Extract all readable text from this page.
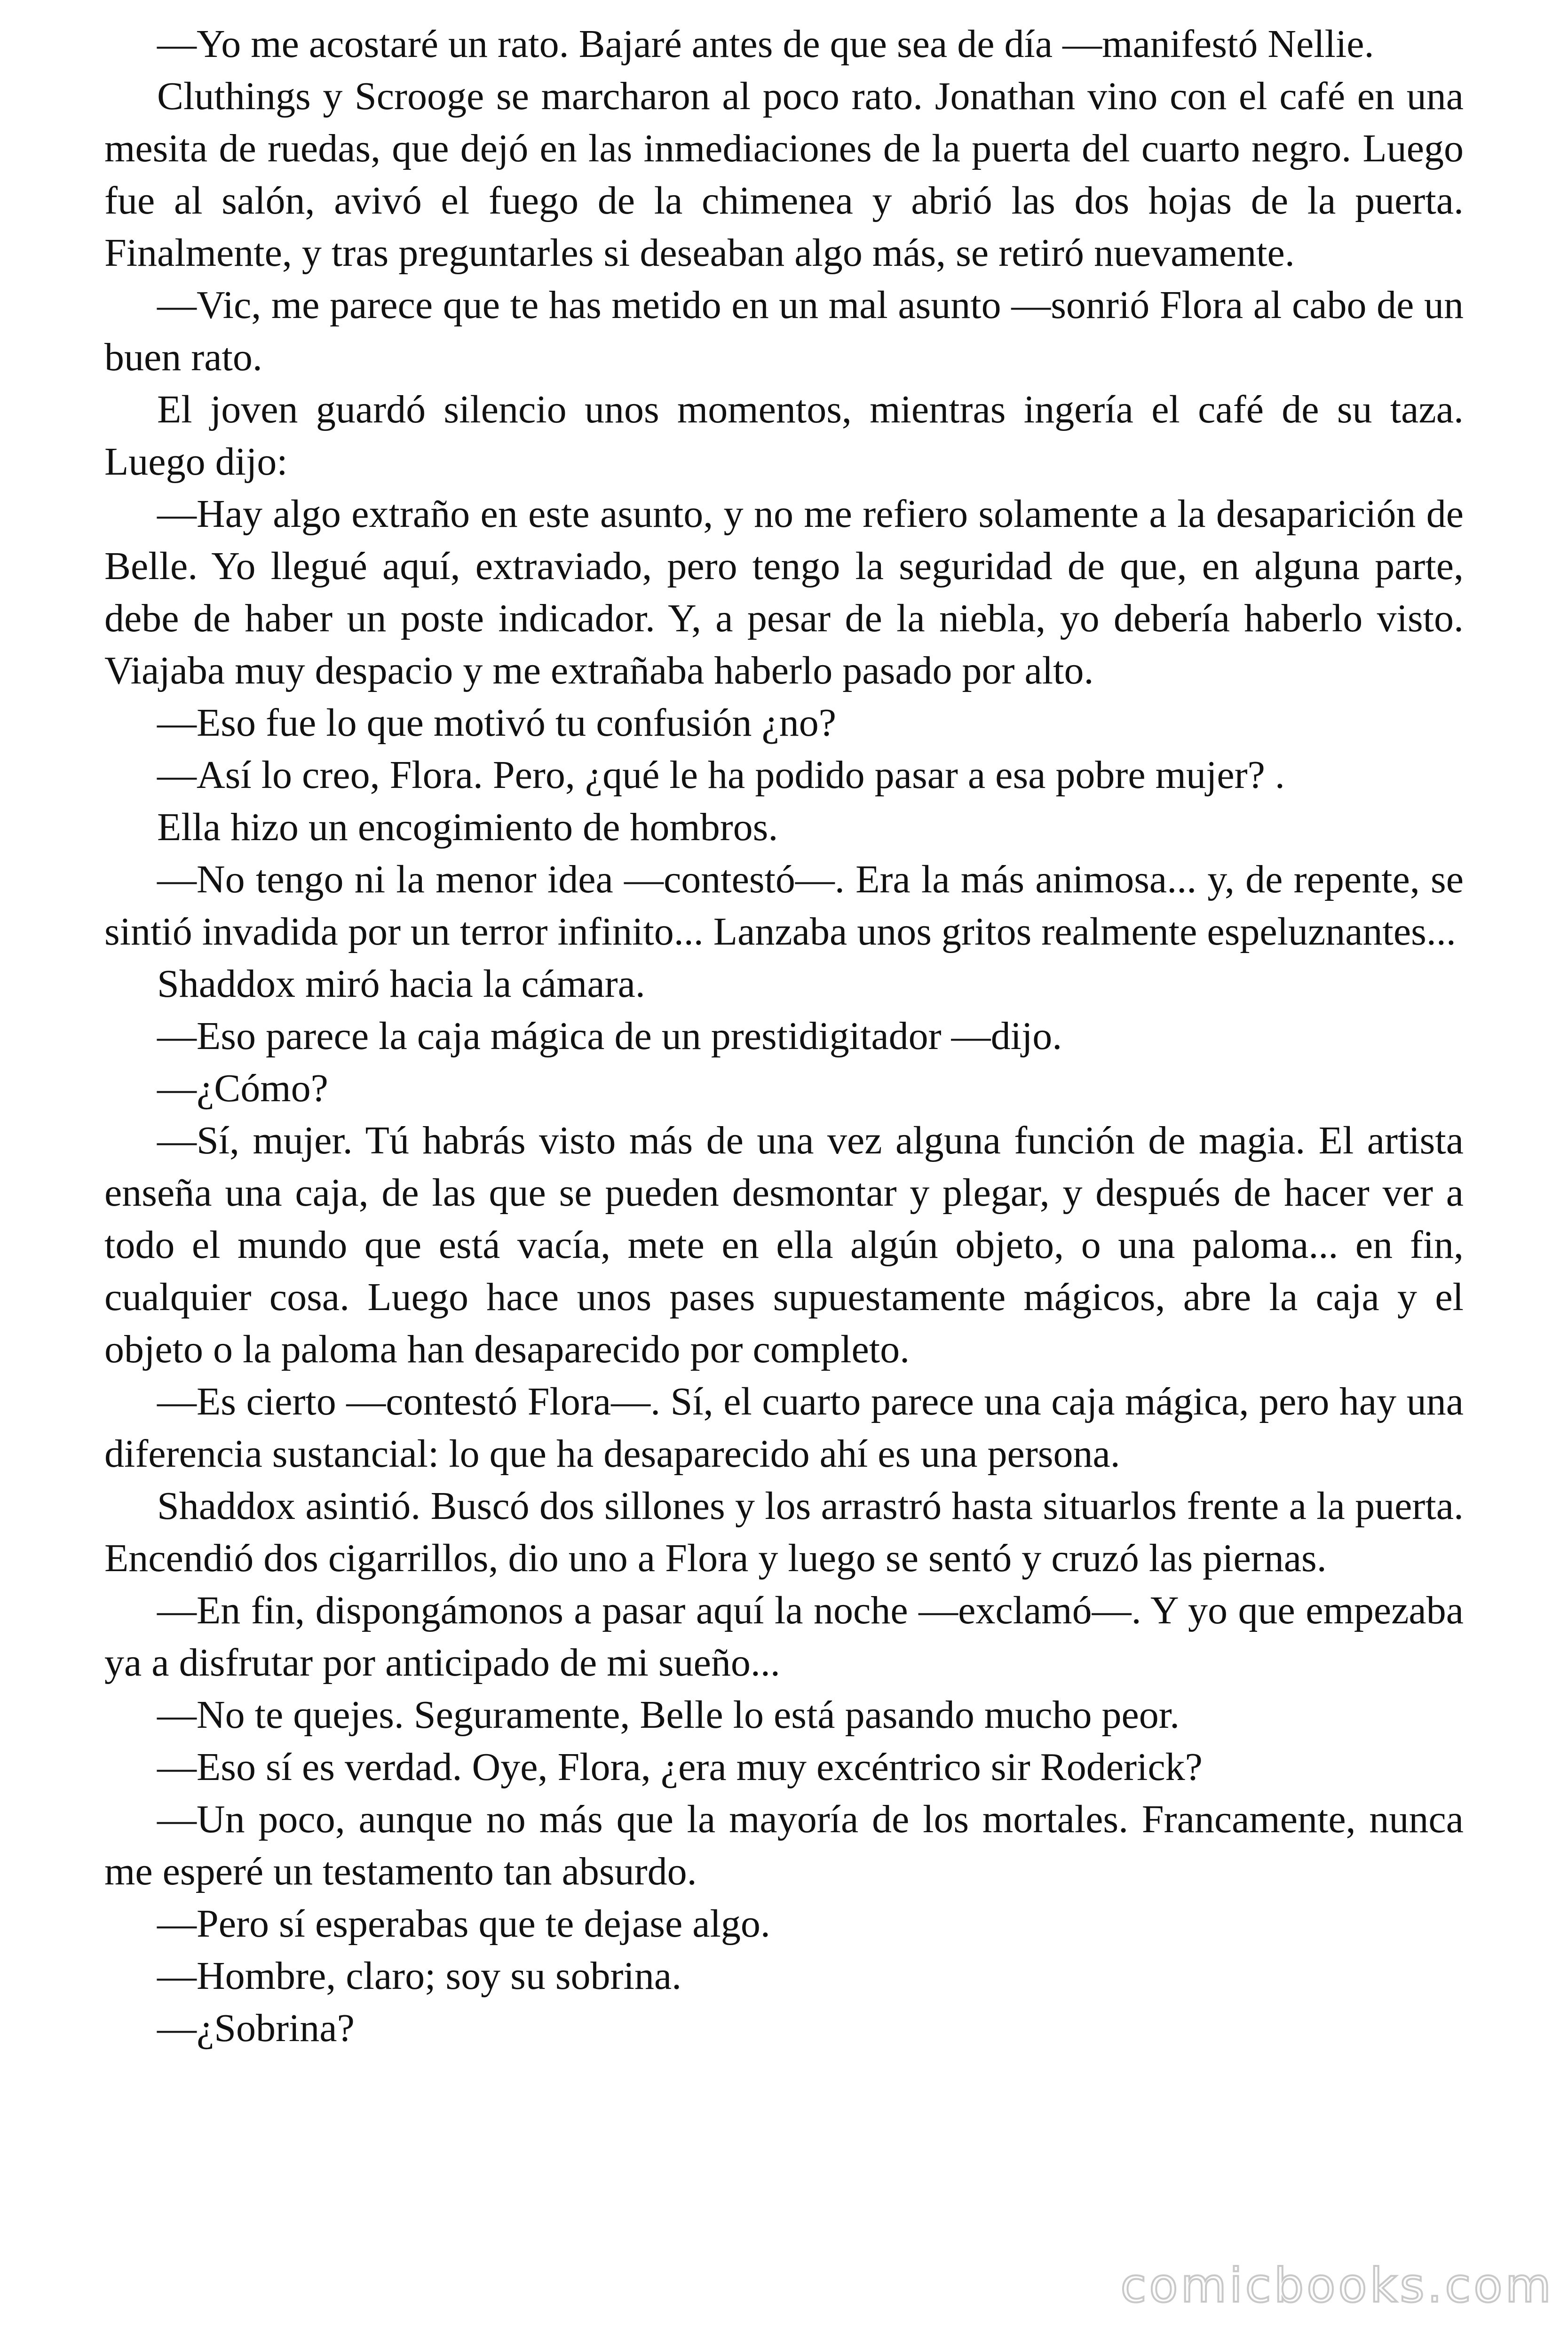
—Yo me acostaré un rato. Bajaré antes de que sea de día —manifestó Nellie.

Cluthings y Scrooge se marcharon al poco rato. Jonathan vino con el café en una mesita de ruedas, que dejó en las inmediaciones de la puerta del cuarto negro. Luego fue al salón, avivó el fuego de la chimenea y abrió las dos hojas de la puerta. Finalmente, y tras preguntarles si deseaban algo más, se retiró nuevamente.

—Vic, me parece que te has metido en un mal asunto —sonrió Flora al cabo de un buen rato.

El joven guardó silencio unos momentos, mientras ingería el café de su taza. Luego dijo:

—Hay algo extraño en este asunto, y no me refiero solamente a la desaparición de Belle. Yo llegué aquí, extraviado, pero tengo la seguridad de que, en alguna parte, debe de haber un poste indicador. Y, a pesar de la niebla, yo debería haberlo visto. Viajaba muy despacio y me extrañaba haberlo pasado por alto.

—Eso fue lo que motivó tu confusión ¿no?

—Así lo creo, Flora. Pero, ¿qué le ha podido pasar a esa pobre mujer? .

Ella hizo un encogimiento de hombros.

—No tengo ni la menor idea —contestó—. Era la más animosa... y, de repente, se sintió invadida por un terror infinito... Lanzaba unos gritos realmente espeluznantes...

Shaddox miró hacia la cámara.

—Eso parece la caja mágica de un prestidigitador —dijo.

—¿Cómo?

—Sí, mujer. Tú habrás visto más de una vez alguna función de magia. El artista enseña una caja, de las que se pueden desmontar y plegar, y después de hacer ver a todo el mundo que está vacía, mete en ella algún objeto, o una paloma... en fin, cualquier cosa. Luego hace unos pases supuestamente mágicos, abre la caja y el objeto o la paloma han desaparecido por completo.

—Es cierto —contestó Flora—. Sí, el cuarto parece una caja mágica, pero hay una diferencia sustancial: lo que ha desaparecido ahí es una persona.

Shaddox asintió. Buscó dos sillones y los arrastró hasta situarlos frente a la puerta. Encendió dos cigarrillos, dio uno a Flora y luego se sentó y cruzó las piernas.

—En fin, dispongámonos a pasar aquí la noche —exclamó—. Y yo que empezaba ya a disfrutar por anticipado de mi sueño...

—No te quejes. Seguramente, Belle lo está pasando mucho peor.

—Eso sí es verdad. Oye, Flora, ¿era muy excéntrico sir Roderick?

—Un poco, aunque no más que la mayoría de los mortales. Francamente, nunca me esperé un testamento tan absurdo.

—Pero sí esperabas que te dejase algo.

—Hombre, claro; soy su sobrina.

—¿Sobrina?

comicbooks.com
